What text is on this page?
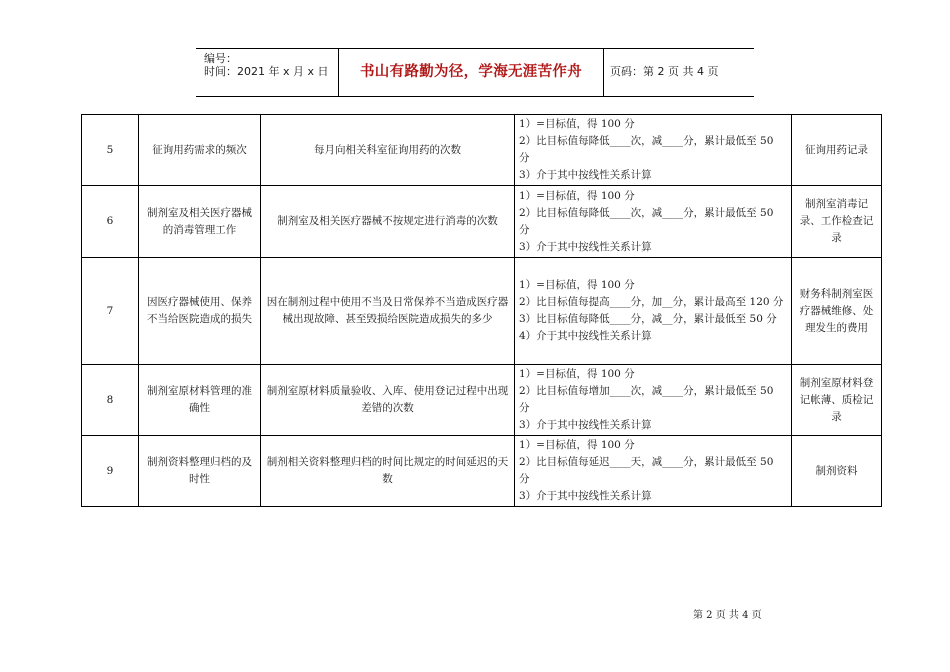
编号：
时间：2021 年 x 月 x 日	书山有路勤为径，学海无涯苦作舟	页码：第 2 页 共 4 页
5	征询用药需求的频次	每月向相关科室征询用药的次数	1）=目标值，得 100 分
2）比目标值每降低____次，减____分，累计最低至 50 分
3）介于其中按线性关系计算	征询用药记录
6	制剂室及相关医疗器械的消毒管理工作	制剂室及相关医疗器械不按规定进行消毒的次数	1）=目标值，得 100 分
2）比目标值每降低____次，减____分，累计最低至 50 分
3）介于其中按线性关系计算	制剂室消毒记录、工作检查记录
7	因医疗器械使用、保养不当给医院造成的损失	因在制剂过程中使用不当及日常保养不当造成医疗器械出现故障、甚至毁损给医院造成损失的多少	1）=目标值，得 100 分
2）比目标值每提高____分，加__分，累计最高至 120 分
3）比目标值每降低____分，减__分，累计最低至 50 分
4）介于其中按线性关系计算	财务科制剂室医疗器械维修、处理发生的费用
8	制剂室原材料管理的准确性	制剂室原材料质量验收、入库、使用登记过程中出现差错的次数	1）=目标值，得 100 分
2）比目标值每增加____次，减____分，累计最低至 50 分
3）介于其中按线性关系计算	制剂室原材料登记帐薄、质检记录
9	制剂资料整理归档的及时性	制剂相关资料整理归档的时间比规定的时间延迟的天数	1）=目标值，得 100 分
2）比目标值每延迟____天，减____分，累计最低至 50 分
3）介于其中按线性关系计算	制剂资料
第 2 页 共 4 页
